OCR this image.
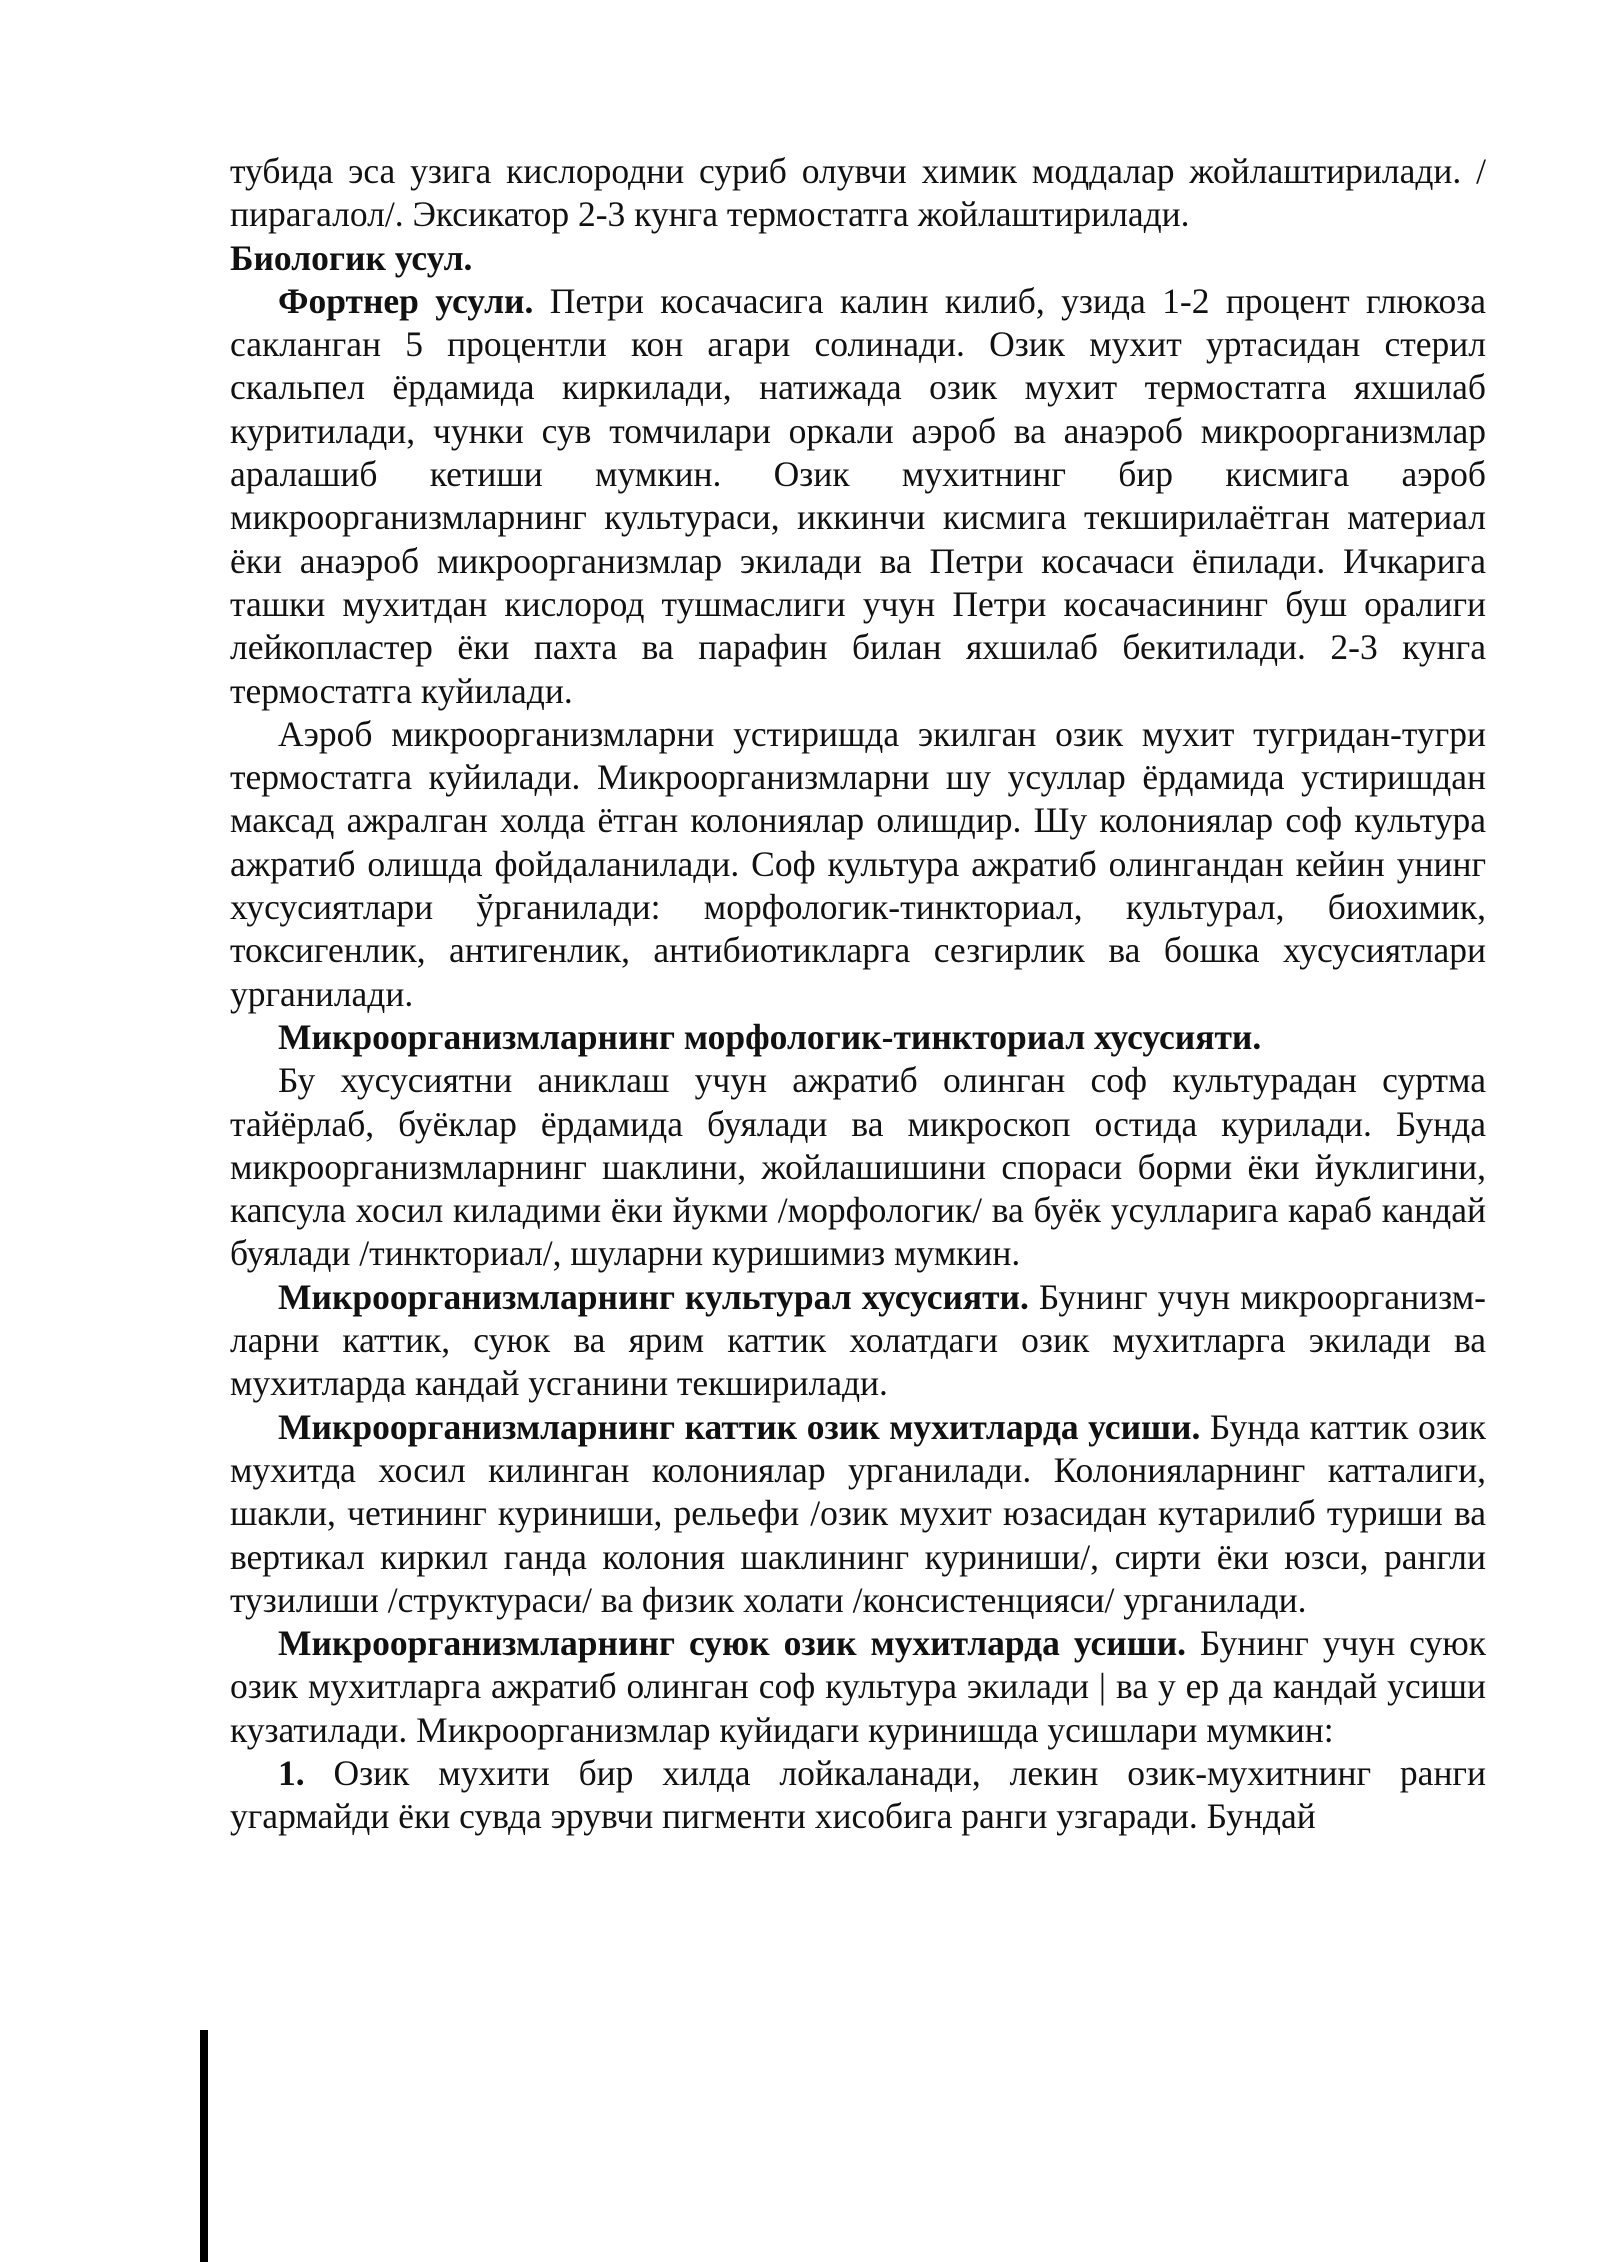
тубида эса узига кислородни суриб олувчи химик моддалар жойлаштирилади. /пирагалол/. Эксикатор 2-3 кунга термостатга жойлаштирилади.

Биологик усул.

Фортнер усули. Петри косачасига калин килиб, узида 1-2 процент глюкоза сакланган 5 процентли кон агари солинади. Озик мухит уртасидан стерил скальпел ёрдамида киркилади, натижада озик мухит термостатга яхшилаб куритилади, чунки сув томчилари оркали аэроб ва анаэроб микроорганизмлар аралашиб кетиши мумкин. Озик мухитнинг бир кисмига аэроб микроорганизмларнинг культураси, иккинчи кисмига текширилаётган материал ёки анаэроб микроорганизмлар экилади ва Петри косачаси ёпилади. Ичкарига ташки мухитдан кислород тушмаслиги учун Петри косачасининг буш оралиги лейкопластер ёки пахта ва парафин билан яхшилаб бекитилади. 2-3 кунга термостатга куйилади.

Аэроб микроорганизмларни устиришда экилган озик мухит тугридан-тугри термостатга куйилади. Микроорганизмларни шу усуллар ёрдамида устиришдан максад ажралган холда ётган колониялар олишдир. Шу колониялар соф культура ажратиб олишда фойдаланилади. Соф культура ажратиб олингандан кейин унинг хусусиятлари ўрганилади: морфологик-тинкториал, культурал, биохимик, токсигенлик, антигенлик, антибиотикларга сезгирлик ва бошка хусусиятлари урганилади.

Микроорганизмларнинг морфологик-тинкториал хусусияти.

Бу хусусиятни аниклаш учун ажратиб олинган соф культурадан суртма тайёрлаб, буёклар ёрдамида буялади ва микроскоп остида курилади. Бунда микроорганизмларнинг шаклини, жойлашишини спораси борми ёки йуклигини, капсула хосил киладими ёки йукми /морфологик/ ва буёк усулларига караб кандай буялади /тинкториал/, шуларни куришимиз мумкин.

Микроорганизмларнинг культурал хусусияти. Бунинг учун микроорганизм-ларни каттик, суюк ва ярим каттик холатдаги озик мухитларга экилади ва мухитларда кандай усганини текширилади.

Микроорганизмларнинг каттик озик мухитларда усиши. Бунда каттик озик мухитда хосил килинган колониялар урганилади. Колонияларнинг катталиги, шакли, четининг куриниши, рельефи /озик мухит юзасидан кутарилиб туриши ва вертикал киркил ганда колония шаклининг куриниши/, сирти ёки юзси, рангли тузилиши /структураси/ ва физик холати /консистенцияси/ урганилади.

Микроорганизмларнинг суюк озик мухитларда усиши. Бунинг учун суюк озик мухитларга ажратиб олинган соф культура экилади | ва у ер да кандай усиши кузатилади. Микроорганизмлар куйидаги куринишда усишлари мумкин:

1. Озик мухити бир хилда лойкаланади, лекин озик-мухитнинг ранги угармайди ёки сувда эрувчи пигменти хисобига ранги узгаради. Бундай
